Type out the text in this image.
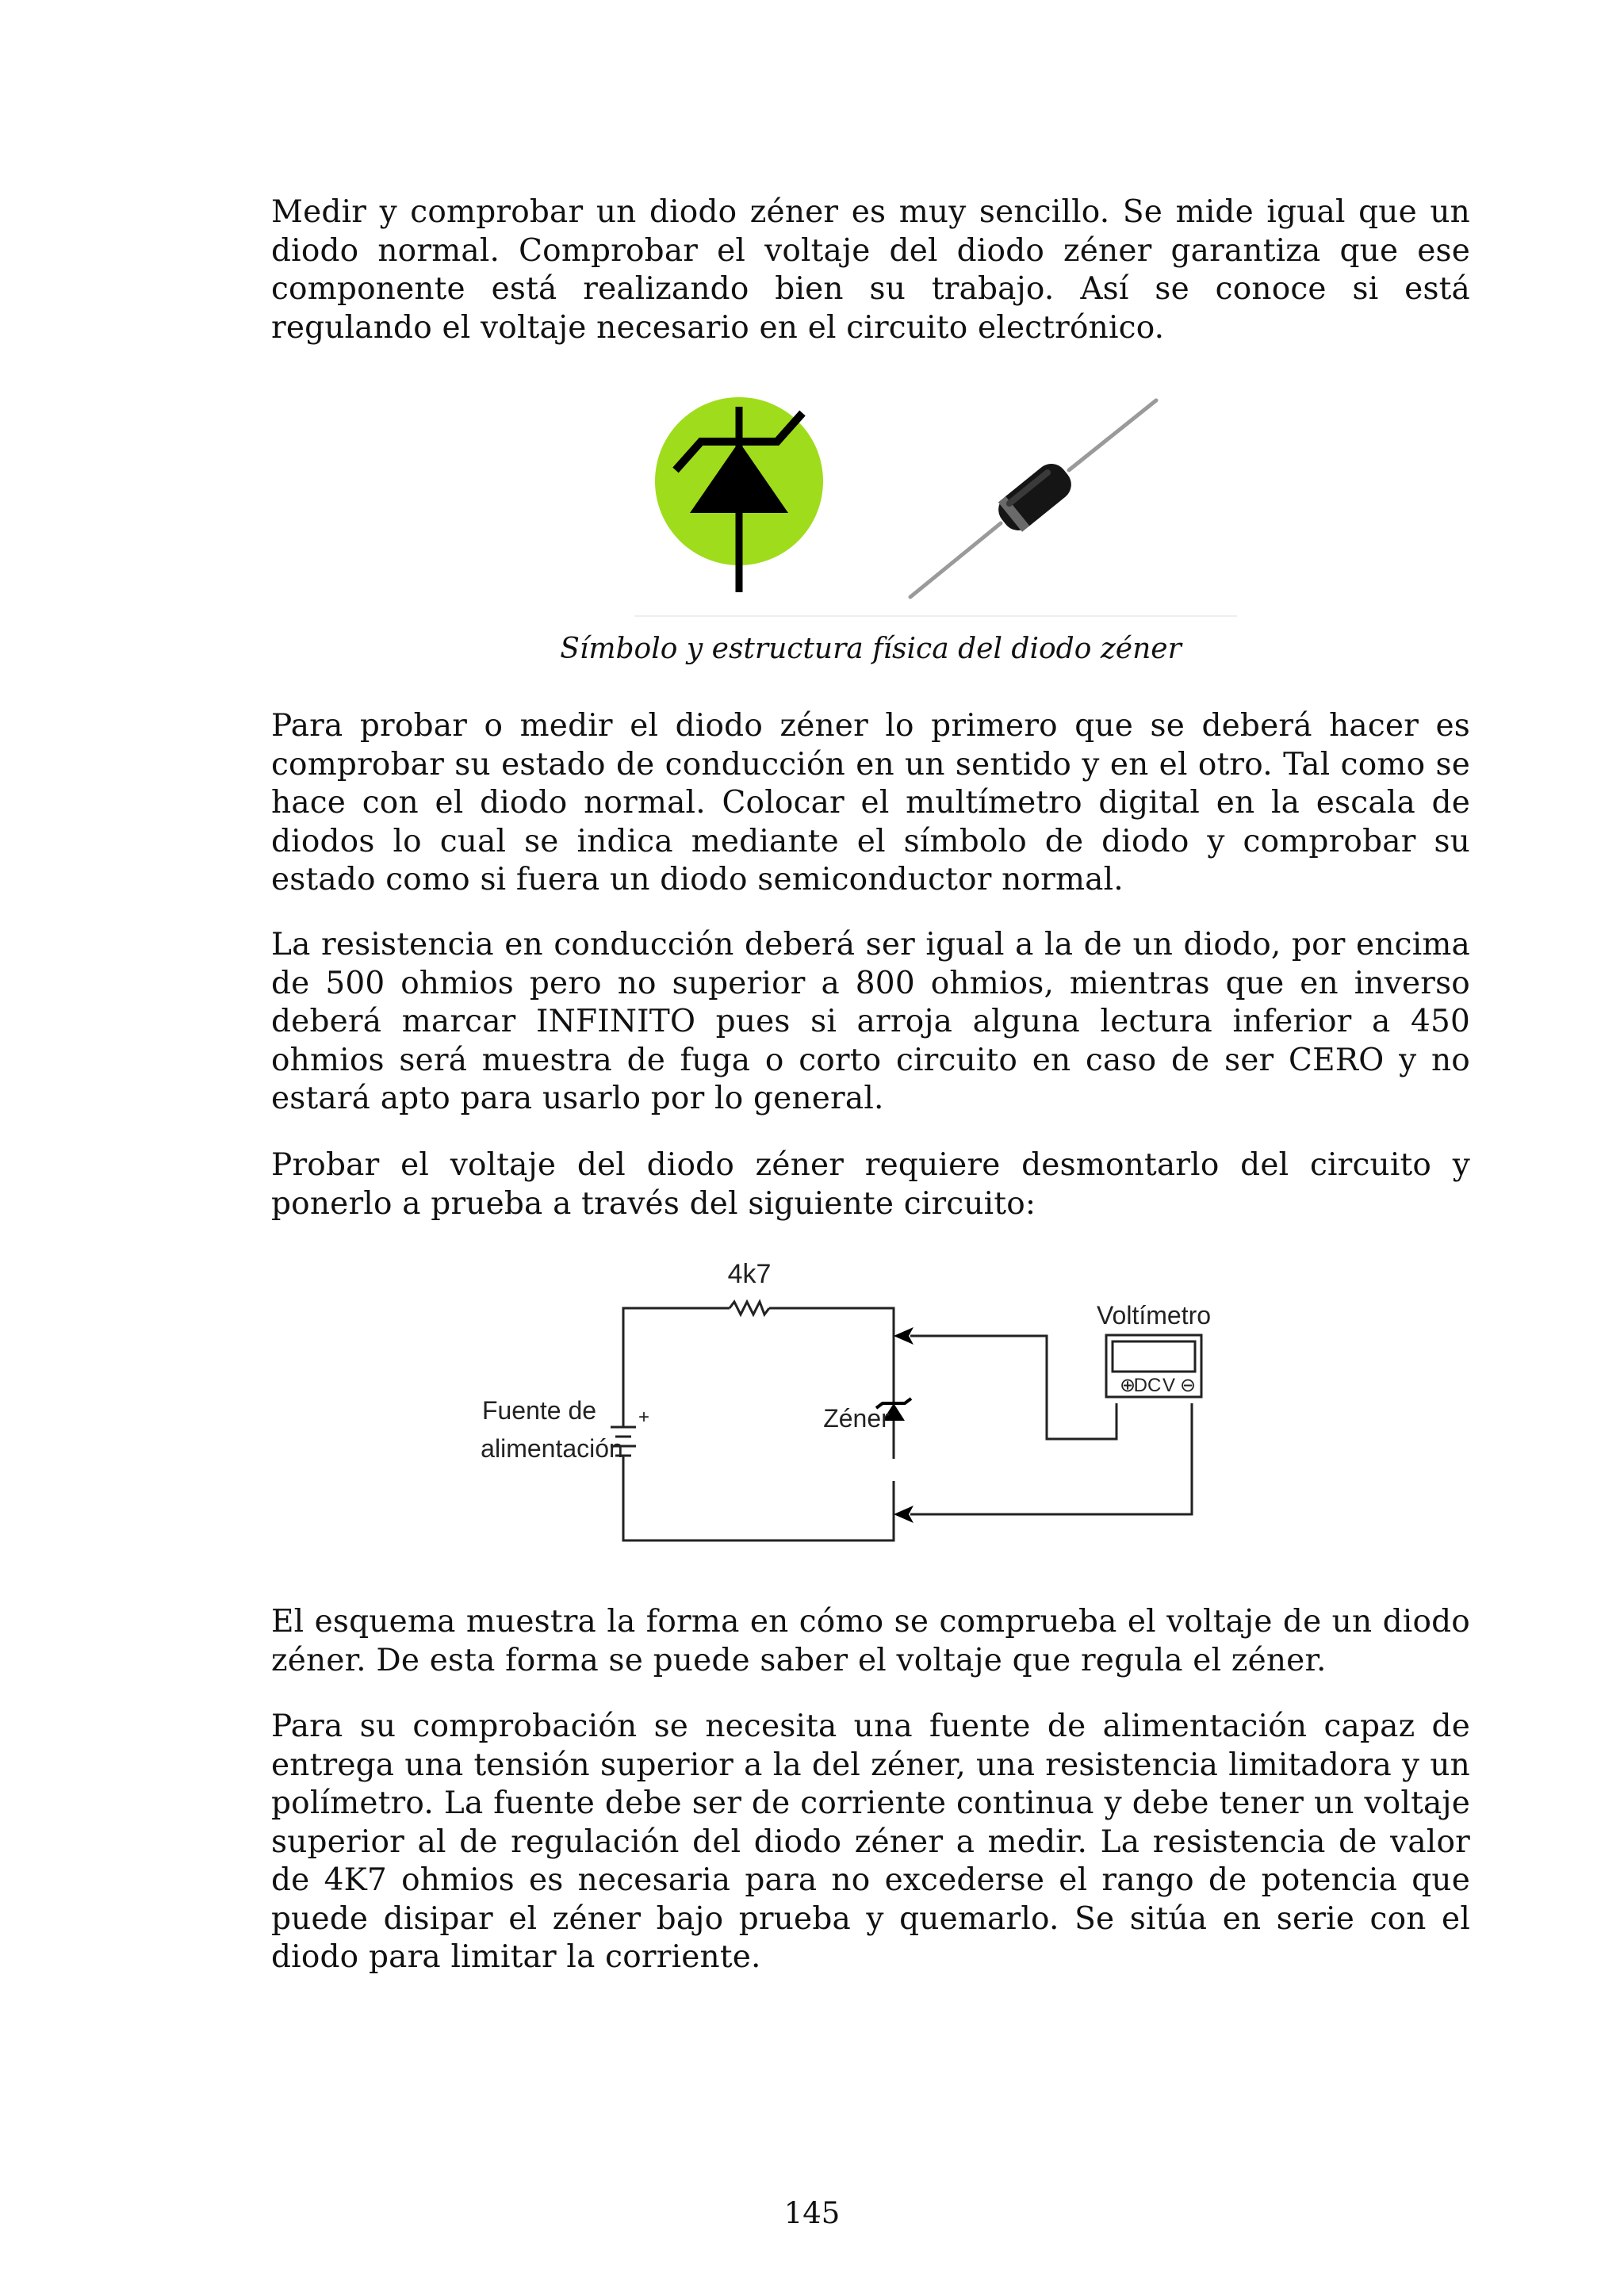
Medir y comprobar un diodo zéner es muy sencillo. Se mide igual que un diodo normal. Comprobar el voltaje del diodo zéner garantiza que ese componente está realizando bien su trabajo. Así se conoce si está regulando el voltaje necesario en el circuito electrónico.

Símbolo y estructura física del diodo zéner

Para probar o medir el diodo zéner lo primero que se deberá hacer es comprobar su estado de conducción en un sentido y en el otro. Tal como se hace con el diodo normal. Colocar el multímetro digital en la escala de diodos lo cual se indica mediante el símbolo de diodo y comprobar su estado como si fuera un diodo semiconductor normal.

La resistencia en conducción deberá ser igual a la de un diodo, por encima de 500 ohmios pero no superior a 800 ohmios, mientras que en inverso deberá marcar INFINITO pues si arroja alguna lectura inferior a 450 ohmios será muestra de fuga o corto circuito en caso de ser CERO y no estará apto para usarlo por lo general.

Probar el voltaje del diodo zéner requiere desmontarlo del circuito y ponerlo a prueba a través del siguiente circuito:

4k7
Voltímetro
⊕
DC V ⊖
Fuente de
alimentación
+	Zéner

El esquema muestra la forma en cómo se comprueba el voltaje de un diodo zéner. De esta forma se puede saber el voltaje que regula el zéner.

Para su comprobación se necesita una fuente de alimentación capaz de entrega una tensión superior a la del zéner, una resistencia limitadora y un polímetro. La fuente debe ser de corriente continua y debe tener un voltaje superior al de regulación del diodo zéner a medir. La resistencia de valor de 4K7 ohmios es necesaria para no excederse el rango de potencia que puede disipar el zéner bajo prueba y quemarlo. Se sitúa en serie con el diodo para limitar la corriente.

145
